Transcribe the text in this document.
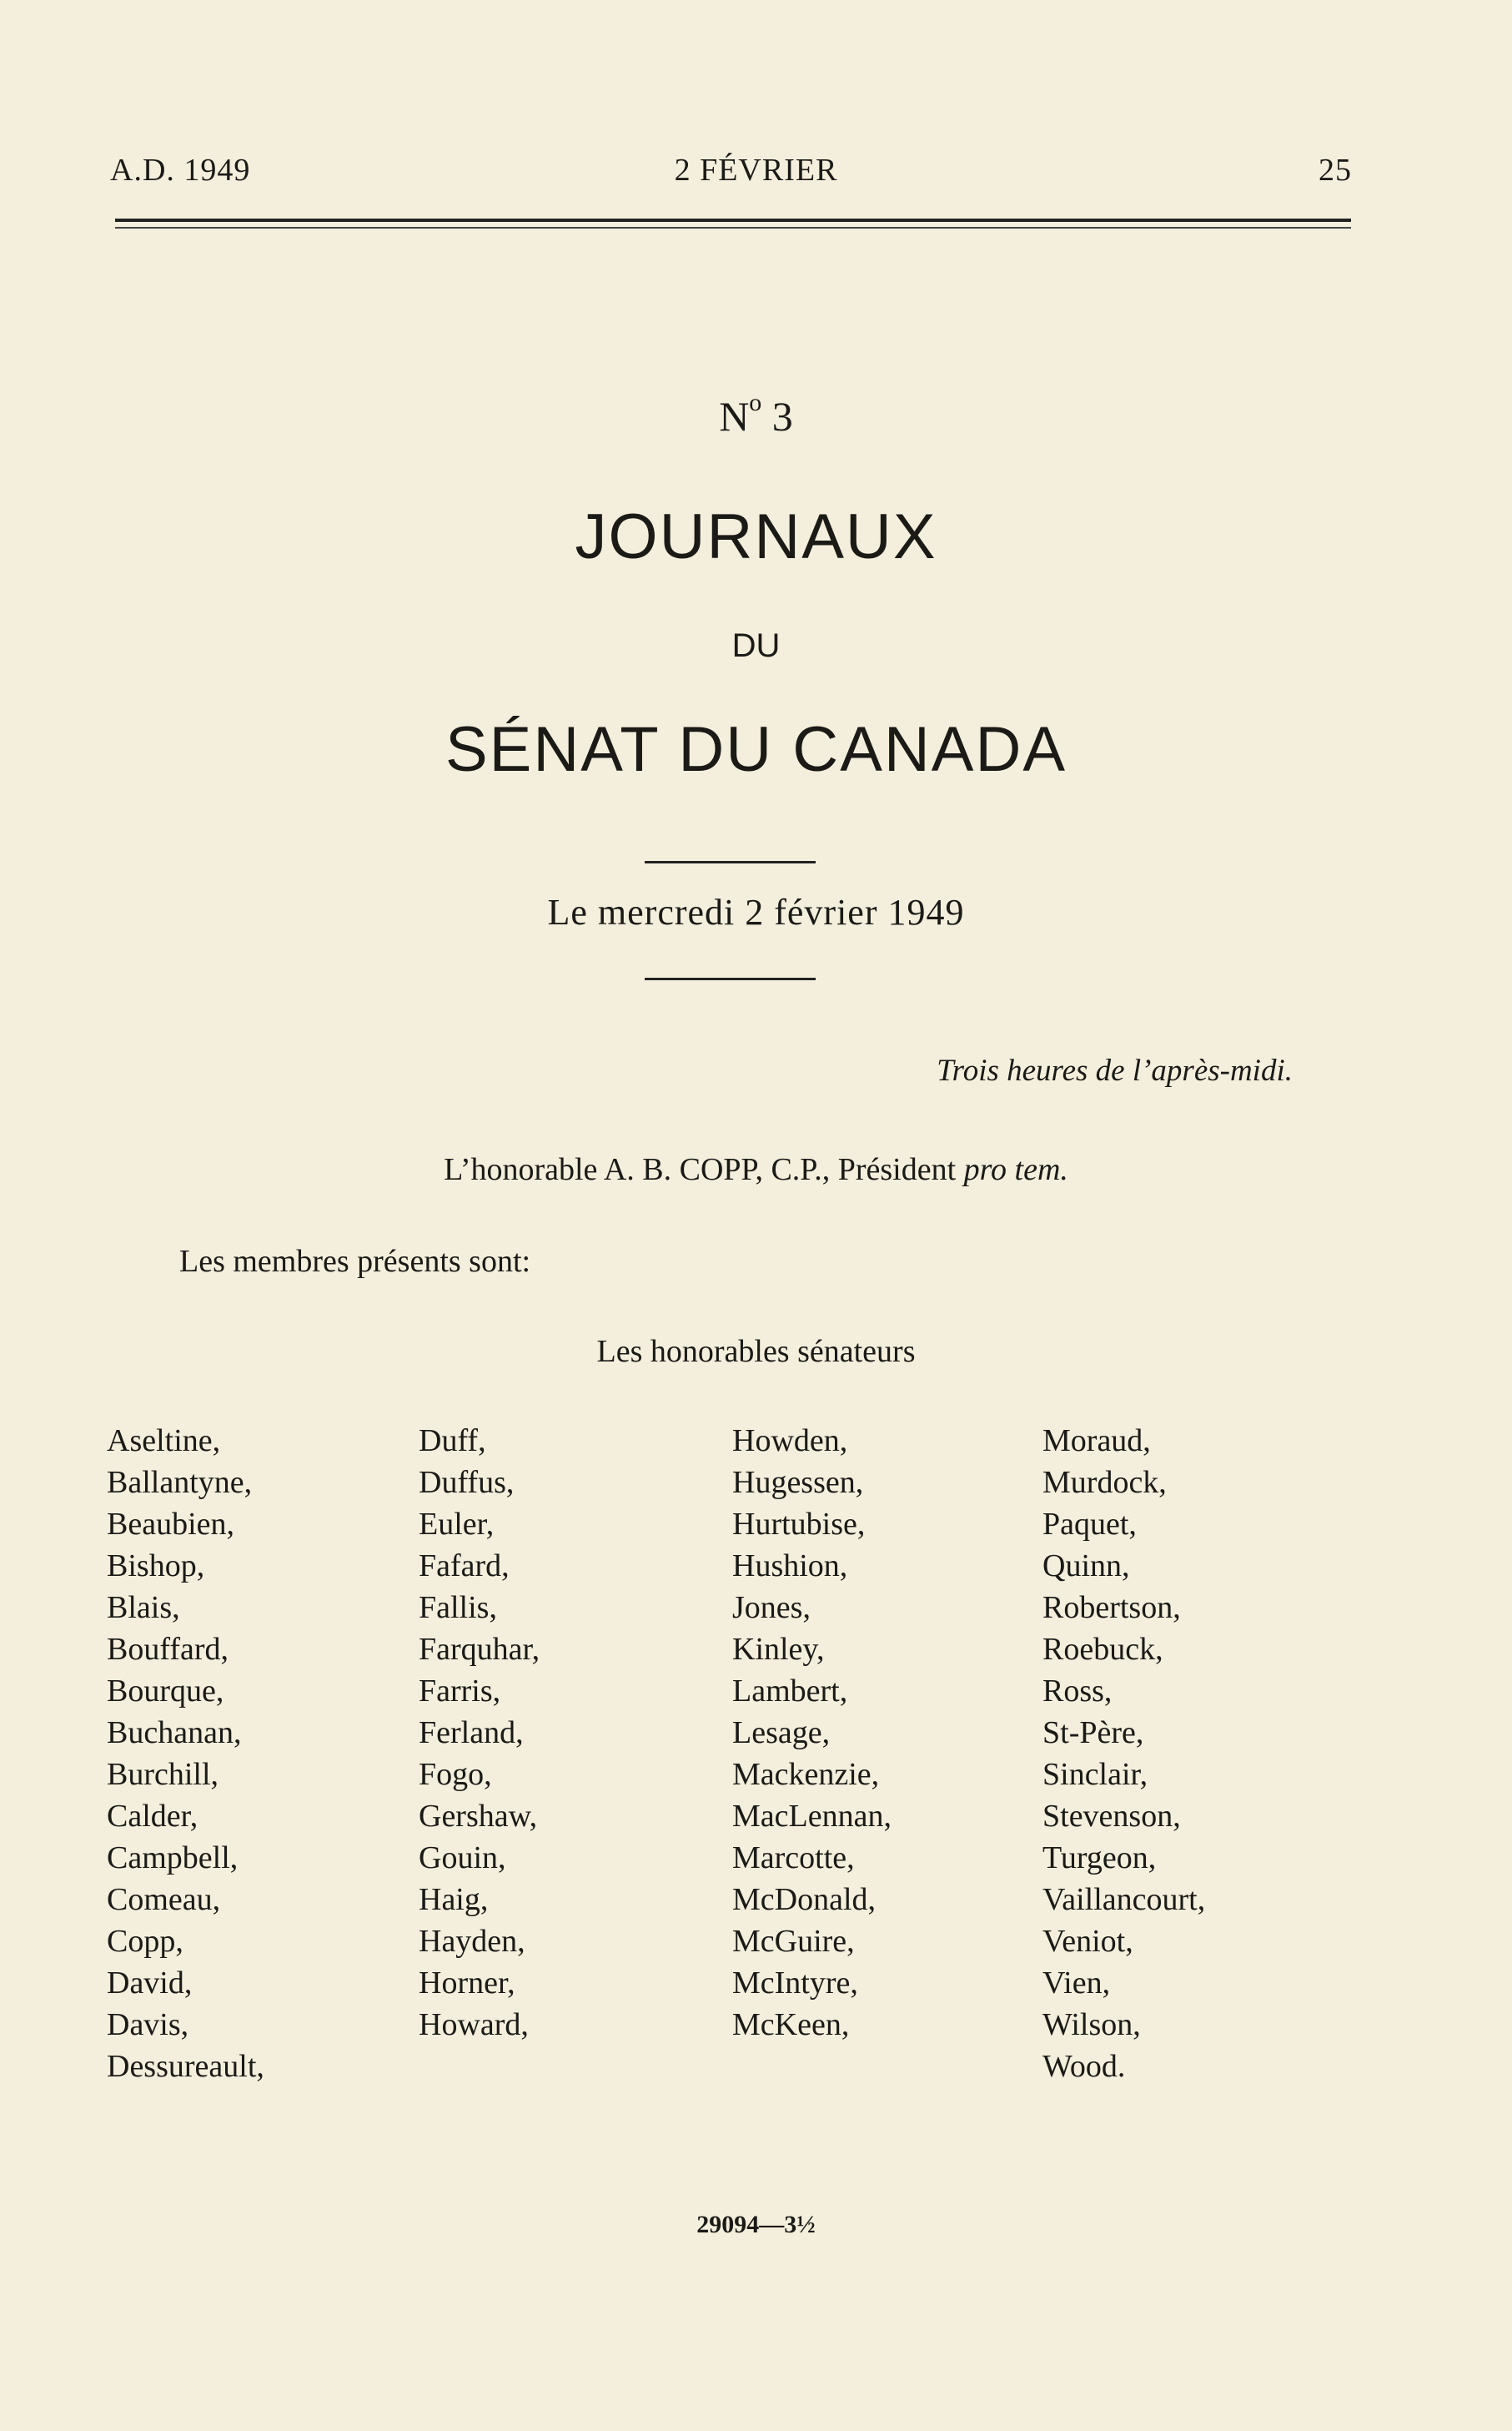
A.D. 1949	2 FÉVRIER	25
$N^o$ 3
JOURNAUX
DU
SÉNAT DU CANADA
Le mercredi 2 février 1949
Trois heures de l’après-midi.
L’honorable A. B. COPP, C.P., Président pro tem.
Les membres présents sont:
Les honorables sénateurs
Aseltine,
Ballantyne,
Beaubien,
Bishop,
Blais,
Bouffard,
Bourque,
Buchanan,
Burchill,
Calder,
Campbell,
Comeau,
Copp,
David,
Davis,
Dessureault,
Duff,
Duffus,
Euler,
Fafard,
Fallis,
Farquhar,
Farris,
Ferland,
Fogo,
Gershaw,
Gouin,
Haig,
Hayden,
Horner,
Howard,
Howden,
Hugessen,
Hurtubise,
Hushion,
Jones,
Kinley,
Lambert,
Lesage,
Mackenzie,
MacLennan,
Marcotte,
McDonald,
McGuire,
McIntyre,
McKeen,
Moraud,
Murdock,
Paquet,
Quinn,
Robertson,
Roebuck,
Ross,
St-Père,
Sinclair,
Stevenson,
Turgeon,
Vaillancourt,
Veniot,
Vien,
Wilson,
Wood.
29094—3½
